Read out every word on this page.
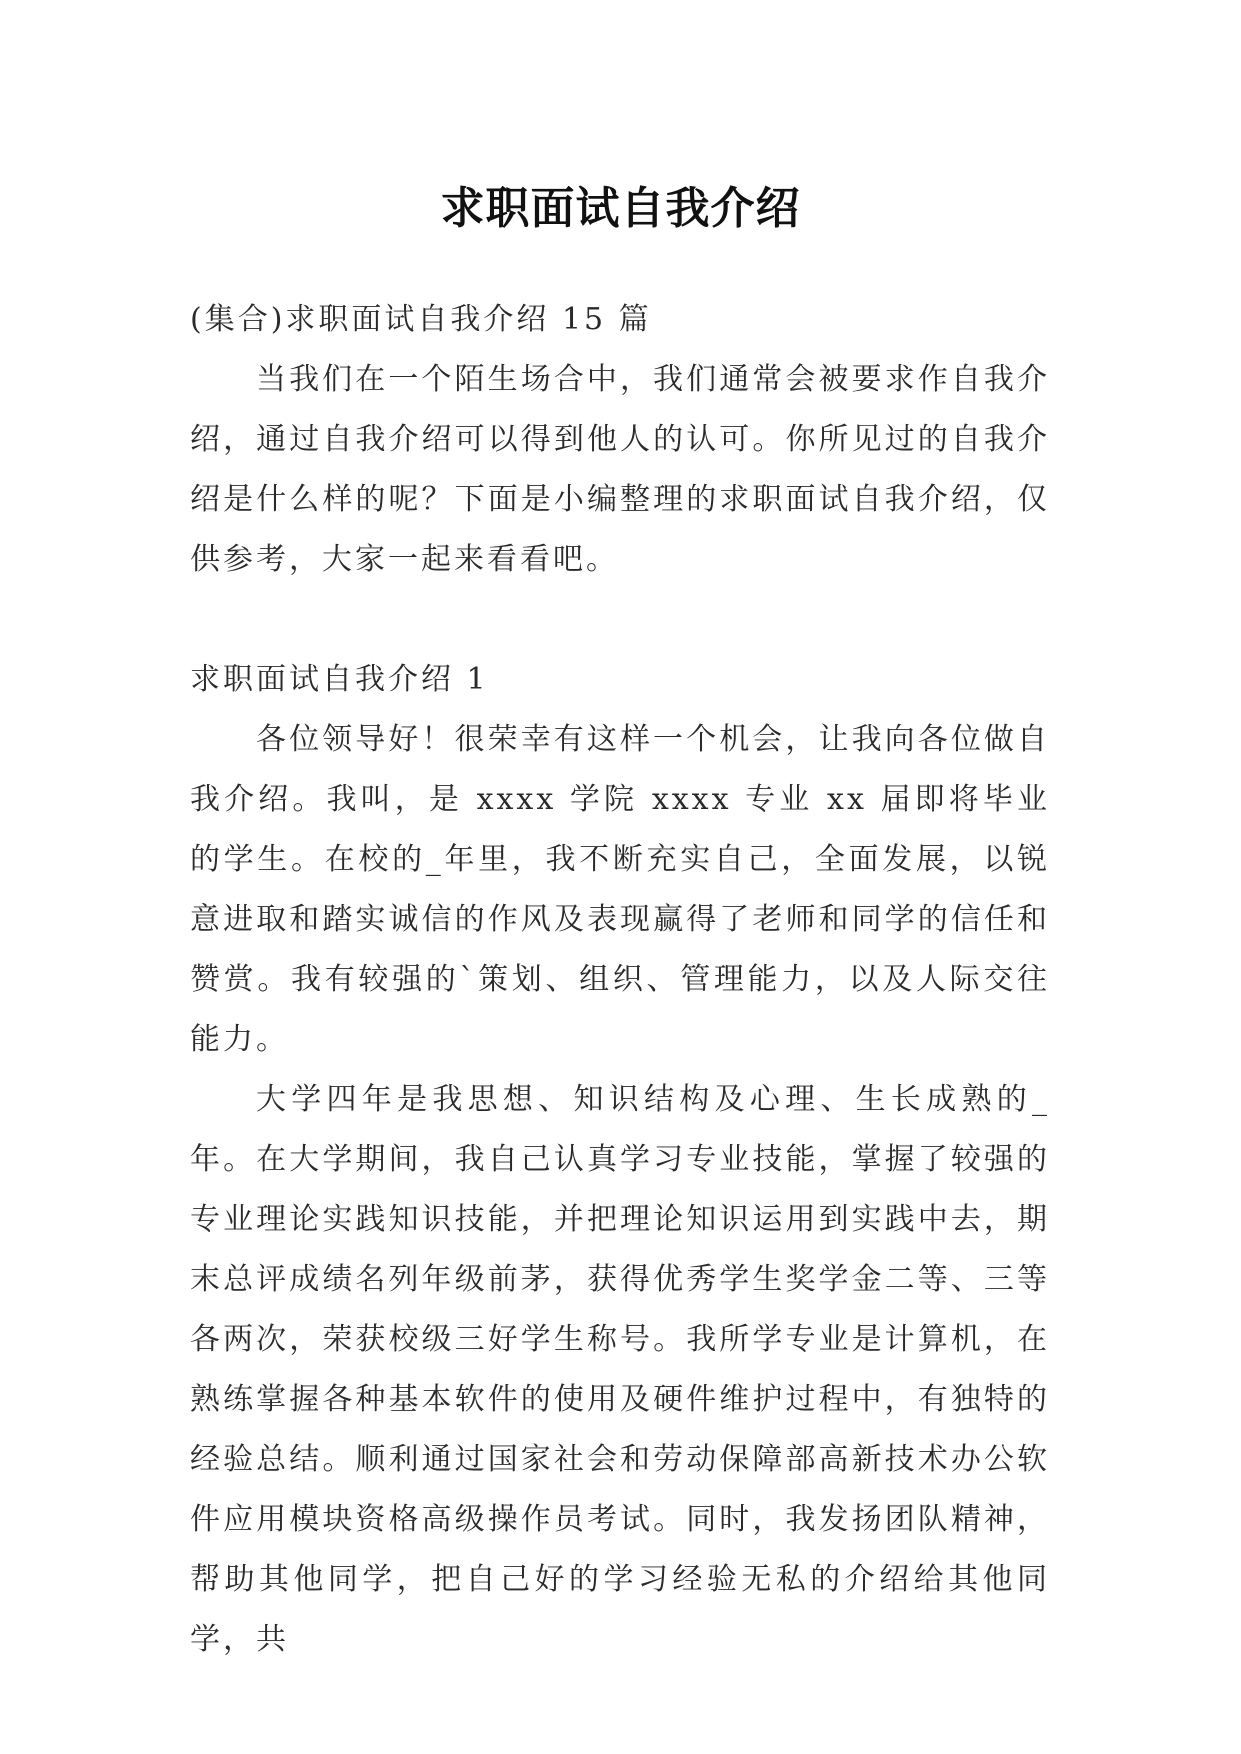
求职面试自我介绍

(集合)求职面试自我介绍 15 篇

当我们在一个陌生场合中，我们通常会被要求作自我介绍，通过自我介绍可以得到他人的认可。你所见过的自我介绍是什么样的呢？下面是小编整理的求职面试自我介绍，仅供参考，大家一起来看看吧。

求职面试自我介绍 1

各位领导好！很荣幸有这样一个机会，让我向各位做自我介绍。我叫，是 xxxx 学院 xxxx 专业 xx 届即将毕业的学生。在校的_年里，我不断充实自己，全面发展，以锐意进取和踏实诚信的作风及表现赢得了老师和同学的信任和赞赏。我有较强的`策划、组织、管理能力，以及人际交往能力。

大学四年是我思想、知识结构及心理、生长成熟的_年。在大学期间，我自己认真学习专业技能，掌握了较强的专业理论实践知识技能，并把理论知识运用到实践中去，期末总评成绩名列年级前茅，获得优秀学生奖学金二等、三等各两次，荣获校级三好学生称号。我所学专业是计算机，在熟练掌握各种基本软件的使用及硬件维护过程中，有独特的经验总结。顺利通过国家社会和劳动保障部高新技术办公软件应用模块资格高级操作员考试。同时，我发扬团队精神，帮助其他同学，把自己好的学习经验无私的介绍给其他同学，共
